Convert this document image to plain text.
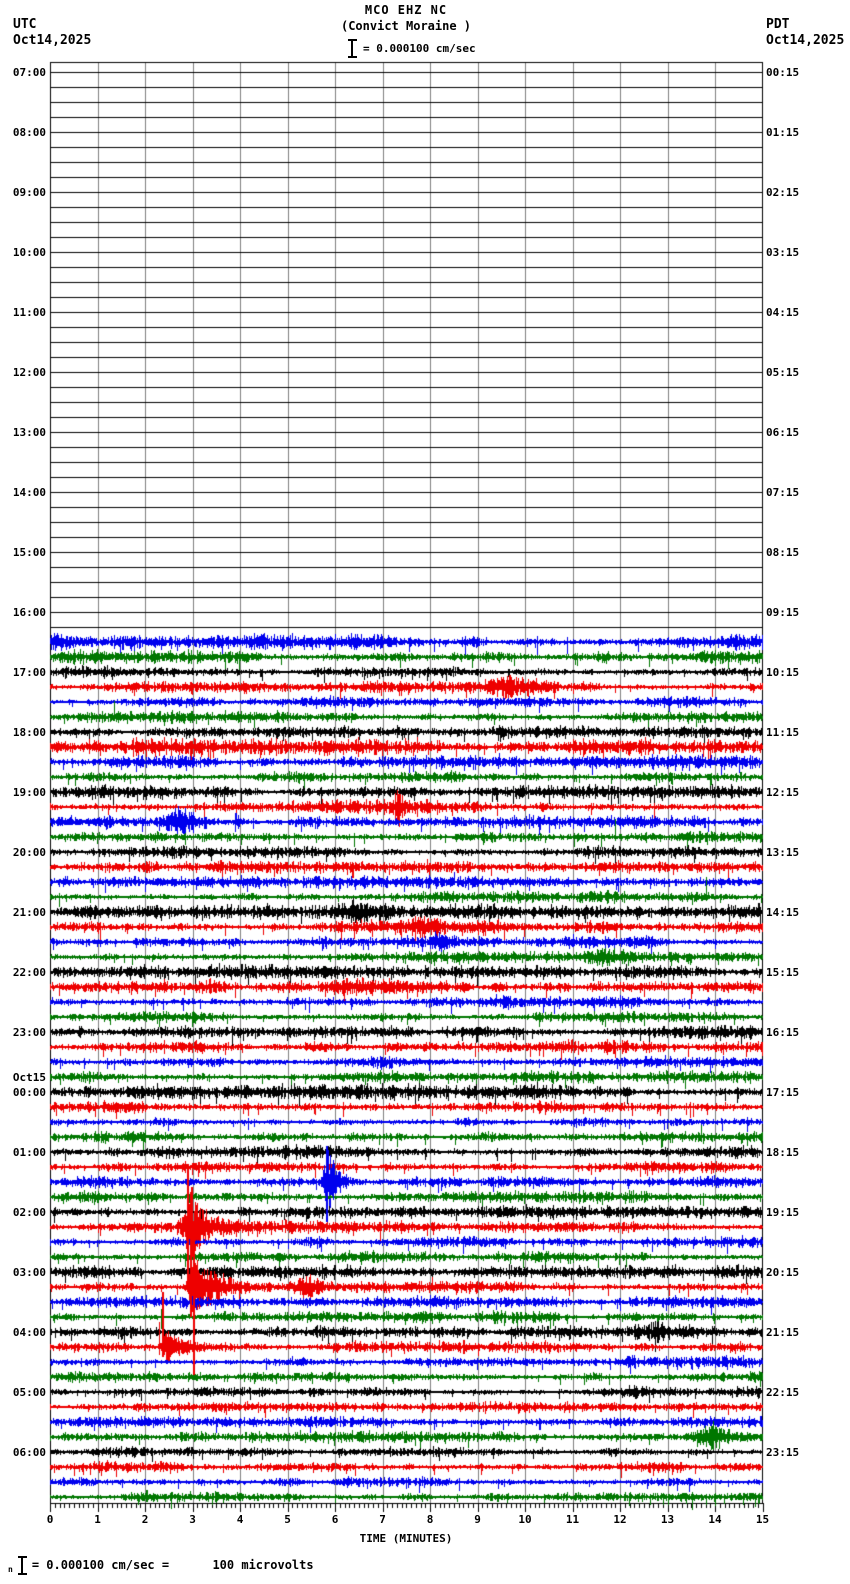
MCO EHZ NC
(Convict Moraine )
UTC
Oct14,2025
PDT
Oct14,2025
= 0.000100 cm/sec
TIME (MINUTES)
n = 0.000100 cm/sec =      100 microvolts
07:00
08:00
09:00
10:00
11:00
12:00
13:00
14:00
15:00
16:00
17:00
18:00
19:00
20:00
21:00
22:00
23:00
00:00
01:00
02:00
03:00
04:00
05:00
06:00
Oct15
00:15
01:15
02:15
03:15
04:15
05:15
06:15
07:15
08:15
09:15
10:15
11:15
12:15
13:15
14:15
15:15
16:15
17:15
18:15
19:15
20:15
21:15
22:15
23:15
0	1	2	3	4	5	6	7	8	9	10	11	12	13	14	15
